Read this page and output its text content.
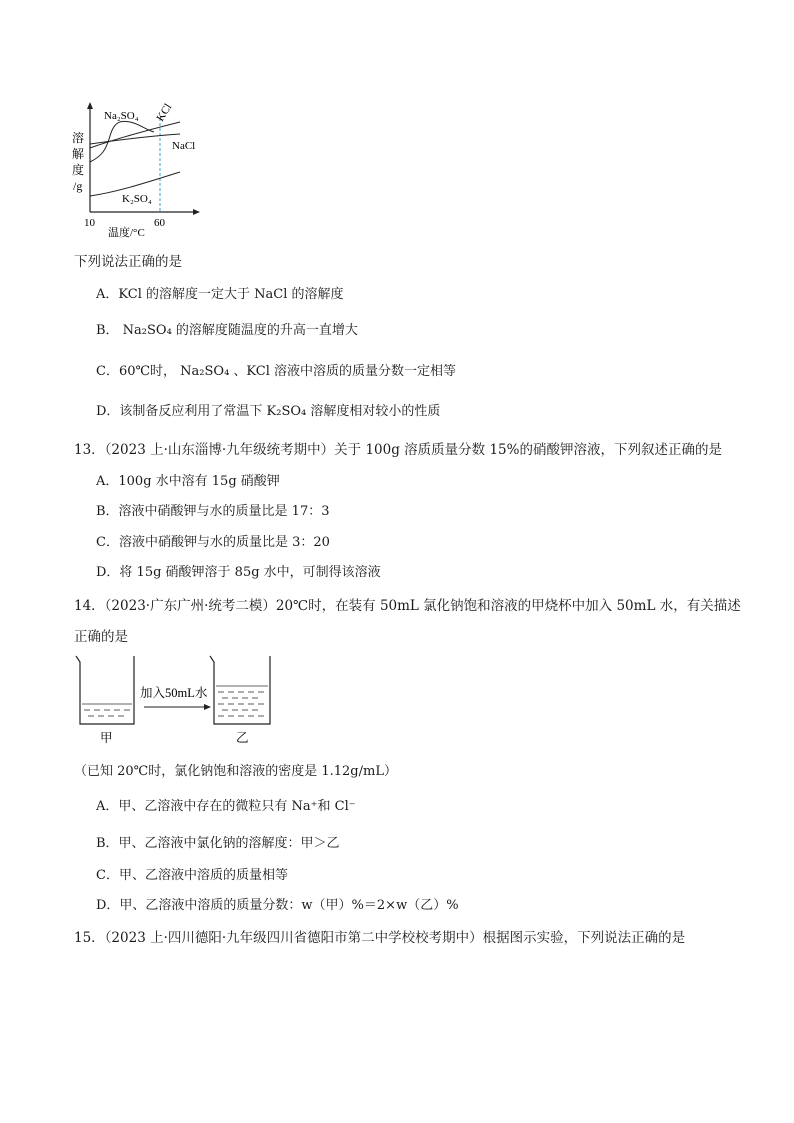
Na₂SO₄ KCl
NaCl
K₂SO₄
溶
解
度
/g
10	60
温度/°C
下列说法正确的是
A．KCl 的溶解度一定大于 NaCl 的溶解度
B． Na₂SO₄ 的溶解度随温度的升高一直增大
C．60℃时， Na₂SO₄ 、KCl 溶液中溶质的质量分数一定相等
D．该制备反应利用了常温下 K₂SO₄ 溶解度相对较小的性质
13．（2023 上·山东淄博·九年级统考期中）关于 100g 溶质质量分数 15%的硝酸钾溶液，下列叙述正确的是
A．100g 水中溶有 15g 硝酸钾
B．溶液中硝酸钾与水的质量比是 17：3
C．溶液中硝酸钾与水的质量比是 3：20
D．将 15g 硝酸钾溶于 85g 水中，可制得该溶液
14．（2023·广东广州·统考二模）20℃时，在装有 50mL 氯化钠饱和溶液的甲烧杯中加入 50mL 水，有关描述
正确的是
加入50mL水
甲	乙
（已知 20℃时，氯化钠饱和溶液的密度是 1.12g/mL）
A．甲、乙溶液中存在的微粒只有 Na⁺和 Cl⁻
B．甲、乙溶液中氯化钠的溶解度：甲＞乙
C．甲、乙溶液中溶质的质量相等
D．甲、乙溶液中溶质的质量分数：w（甲）%＝2×w（乙）%
15．（2023 上·四川德阳·九年级四川省德阳市第二中学校校考期中）根据图示实验，下列说法正确的是
